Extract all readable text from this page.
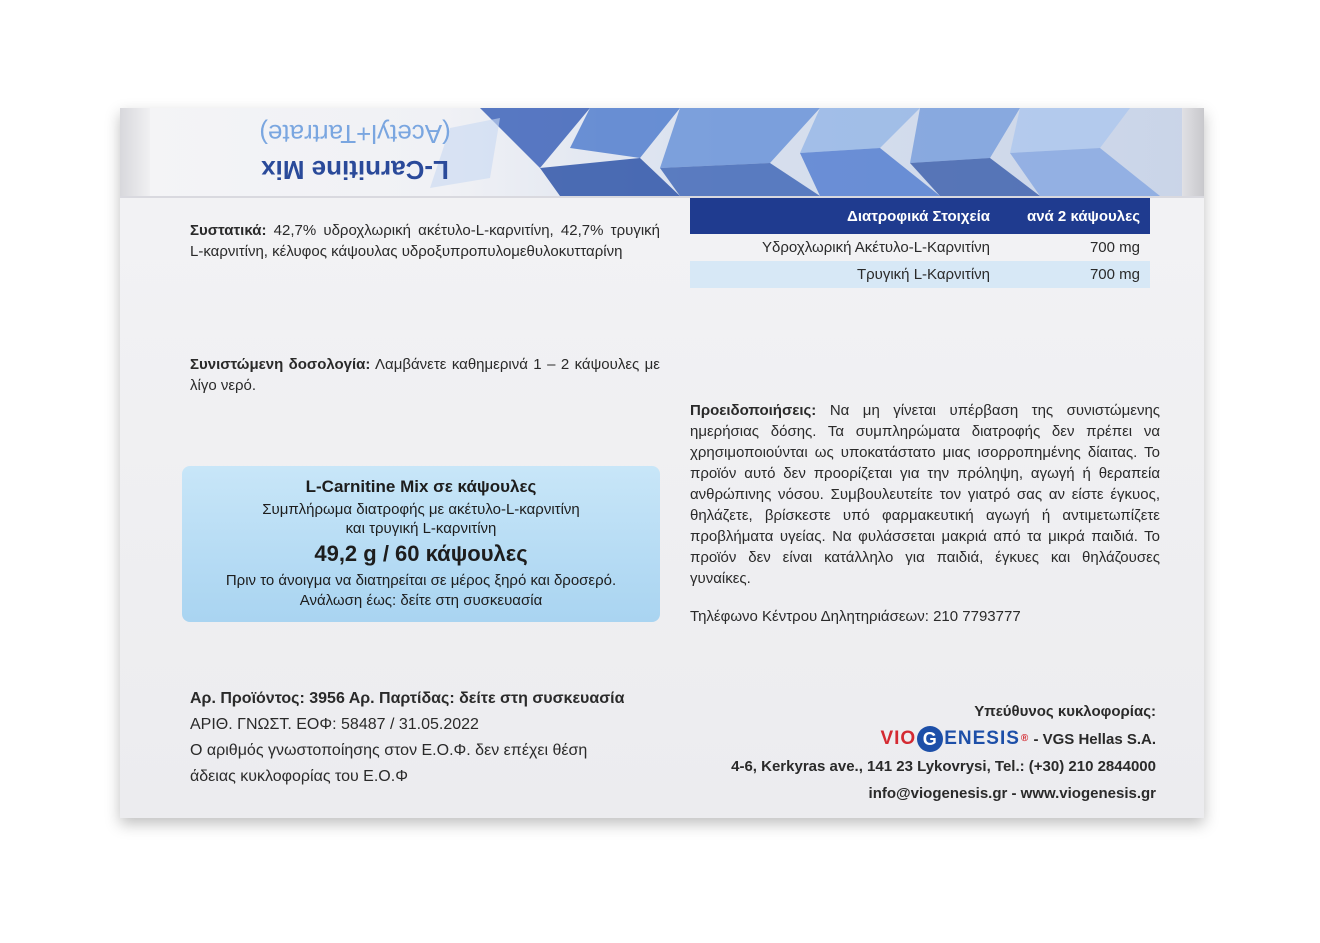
L-Carnitine Mix
(Acetyl+Tartrate)
Συστατικά: 42,7% υδροχλωρική ακέτυλο-L-καρνιτίνη, 42,7% τρυγική L-καρνιτίνη, κέλυφος κάψουλας υδροξυπροπυλομεθυλοκυτταρίνη
Συνιστώμενη δοσολογία: Λαμβάνετε καθημερινά 1 – 2 κάψουλες με λίγο νερό.
Διατροφικά Στοιχεία	ανά 2 κάψουλες
Υδροχλωρική Ακέτυλο-L-Καρνιτίνη	700 mg
Τρυγική L-Καρνιτίνη	700 mg
Προειδοποιήσεις: Να μη γίνεται υπέρβαση της συνιστώμενης ημερήσιας δόσης. Τα συμπληρώματα διατροφής δεν πρέπει να χρησιμοποιούνται ως υποκατάστατο μιας ισορροπημένης δίαιτας. Το προϊόν αυτό δεν προορίζεται για την πρόληψη, αγωγή ή θεραπεία ανθρώπινης νόσου. Συμβουλευτείτε τον γιατρό σας αν είστε έγκυος, θηλάζετε, βρίσκεστε υπό φαρμακευτική αγωγή ή αντιμετωπίζετε προβλήματα υγείας. Να φυλάσσεται μακριά από τα μικρά παιδιά. Το προϊόν δεν είναι κατάλληλο για παιδιά, έγκυες και θηλάζουσες γυναίκες.
Τηλέφωνο Κέντρου Δηλητηριάσεων: 210 7793777
L-Carnitine Mix σε κάψουλες
Συμπλήρωμα διατροφής με ακέτυλο-L-καρνιτίνη
και τρυγική L-καρνιτίνη
49,2 g / 60 κάψουλες
Πριν το άνοιγμα να διατηρείται σε μέρος ξηρό και δροσερό.
Ανάλωση έως: δείτε στη συσκευασία
Αρ. Προϊόντος: 3956 Αρ. Παρτίδας: δείτε στη συσκευασία
ΑΡΙΘ. ΓΝΩΣΤ. ΕΟΦ: 58487 / 31.05.2022
Ο αριθμός γνωστοποίησης στον Ε.Ο.Φ. δεν επέχει θέση
άδειας κυκλοφορίας του Ε.Ο.Φ
Υπεύθυνος κυκλοφορίας:
VIO G ENESIS ® - VGS Hellas S.A.
4-6, Kerkyras ave., 141 23 Lykovrysi, Tel.: (+30) 210 2844000
info@viogenesis.gr - www.viogenesis.gr
